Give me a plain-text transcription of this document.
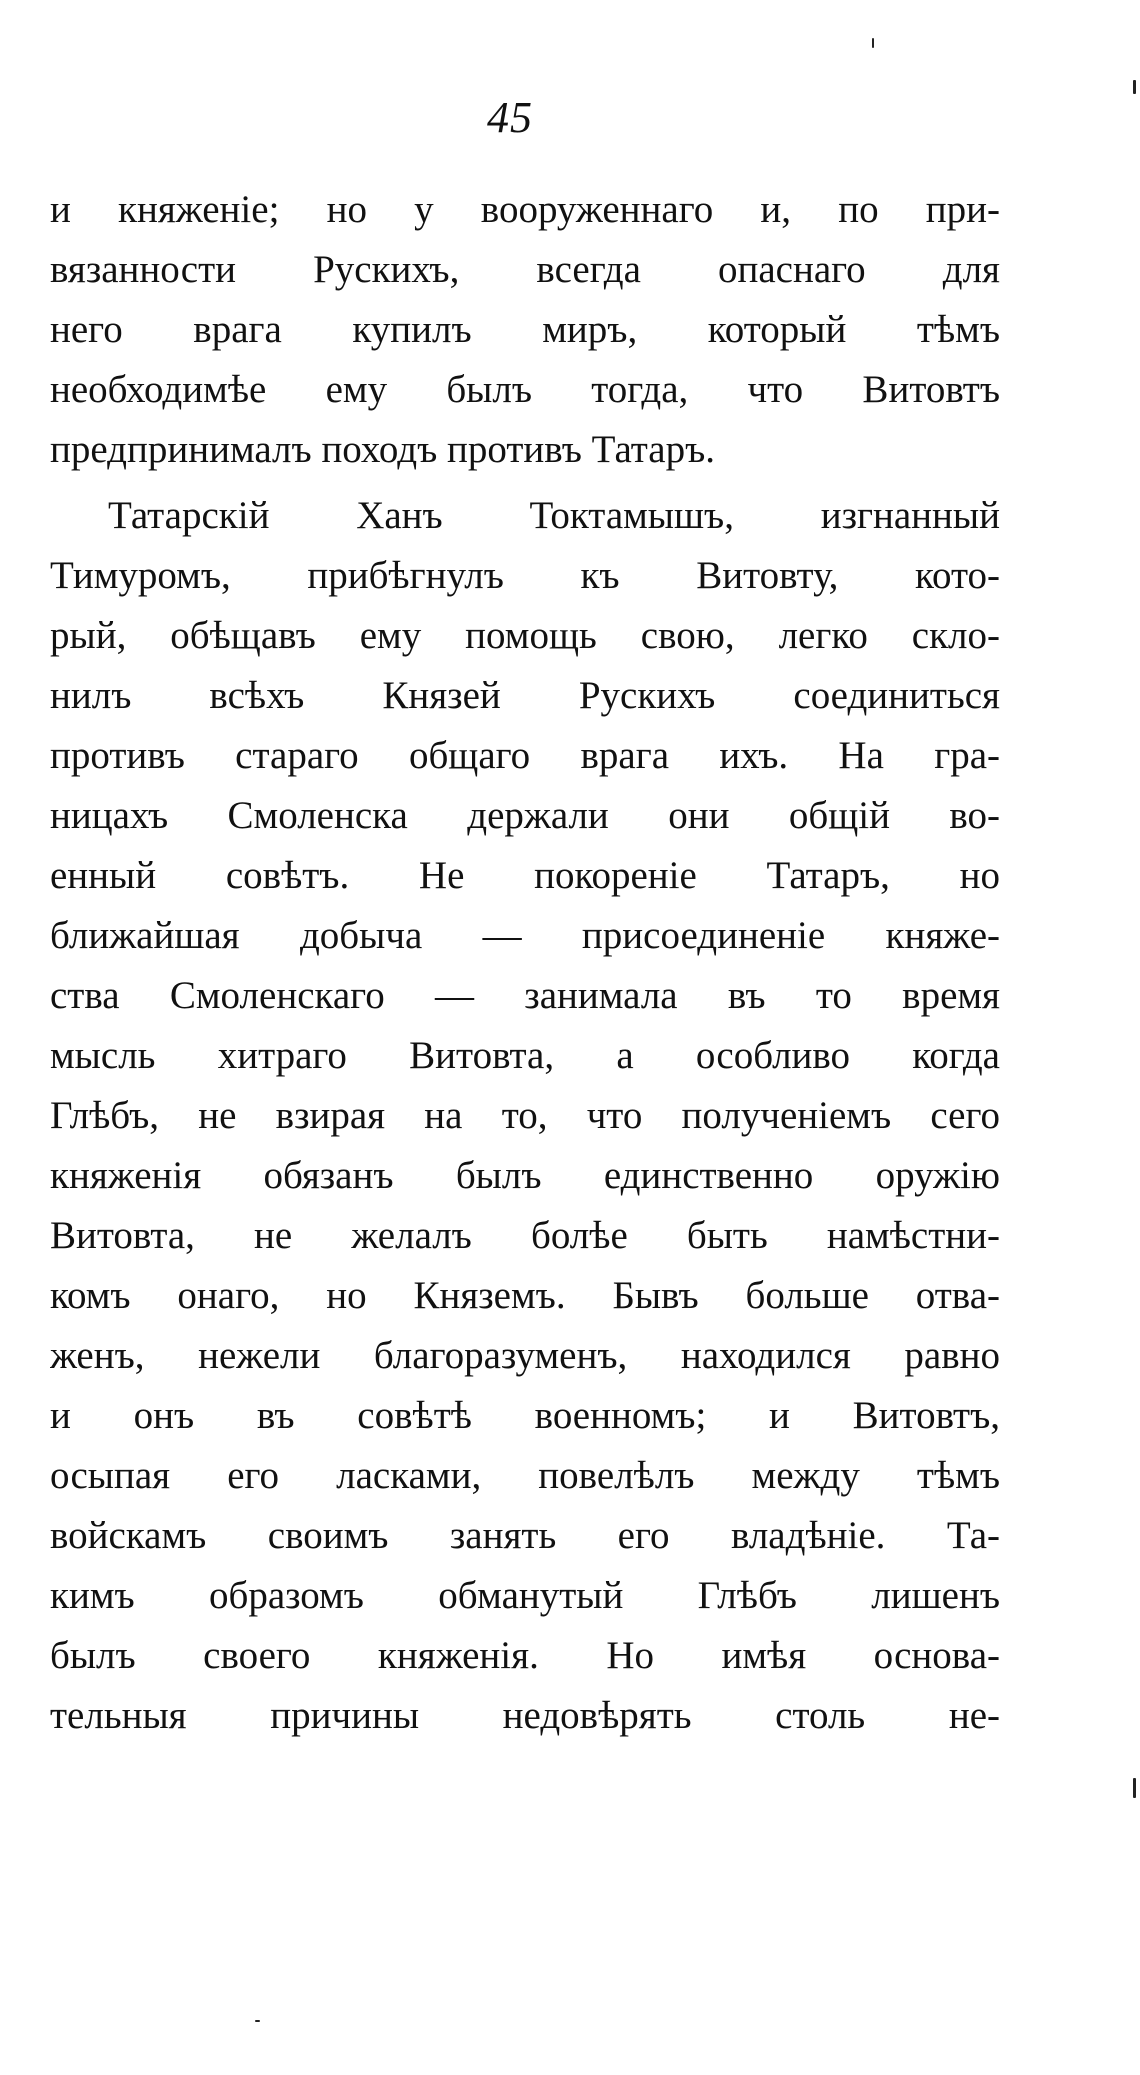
45
и княженіе; но у вооруженнаго и, по при-
вязанности Рускихъ, всегда опаснаго для
него врага купилъ миръ, который тѣмъ
необходимѣе ему былъ тогда, что Витовтъ
предпринималъ походъ противъ Татаръ.
Татарскій Ханъ Токтамышъ, изгнанный
Тимуромъ, прибѣгнулъ къ Витовту, кото-
рый, обѣщавъ ему помощь свою, легко скло-
нилъ всѣхъ Князей Рускихъ соединиться
противъ стараго общаго врага ихъ. На гра-
ницахъ Смоленска держали они общій во-
енный совѣтъ. Не покореніе Татаръ, но
ближайшая добыча — присоединеніе княже-
ства Смоленскаго — занимала въ то время
мысль хитраго Витовта, а особливо когда
Глѣбъ, не взирая на то, что полученіемъ сего
княженія обязанъ былъ единственно оружію
Витовта, не желалъ болѣе быть намѣстни-
комъ онаго, но Княземъ. Бывъ больше отва-
женъ, нежели благоразуменъ, находился равно
и онъ въ совѣтѣ военномъ; и Витовтъ,
осыпая его ласками, повелѣлъ между тѣмъ
войскамъ своимъ занять его владѣніе. Та-
кимъ образомъ обманутый Глѣбъ лишенъ
былъ своего княженія. Но имѣя основа-
тельныя причины недовѣрять столь не-
